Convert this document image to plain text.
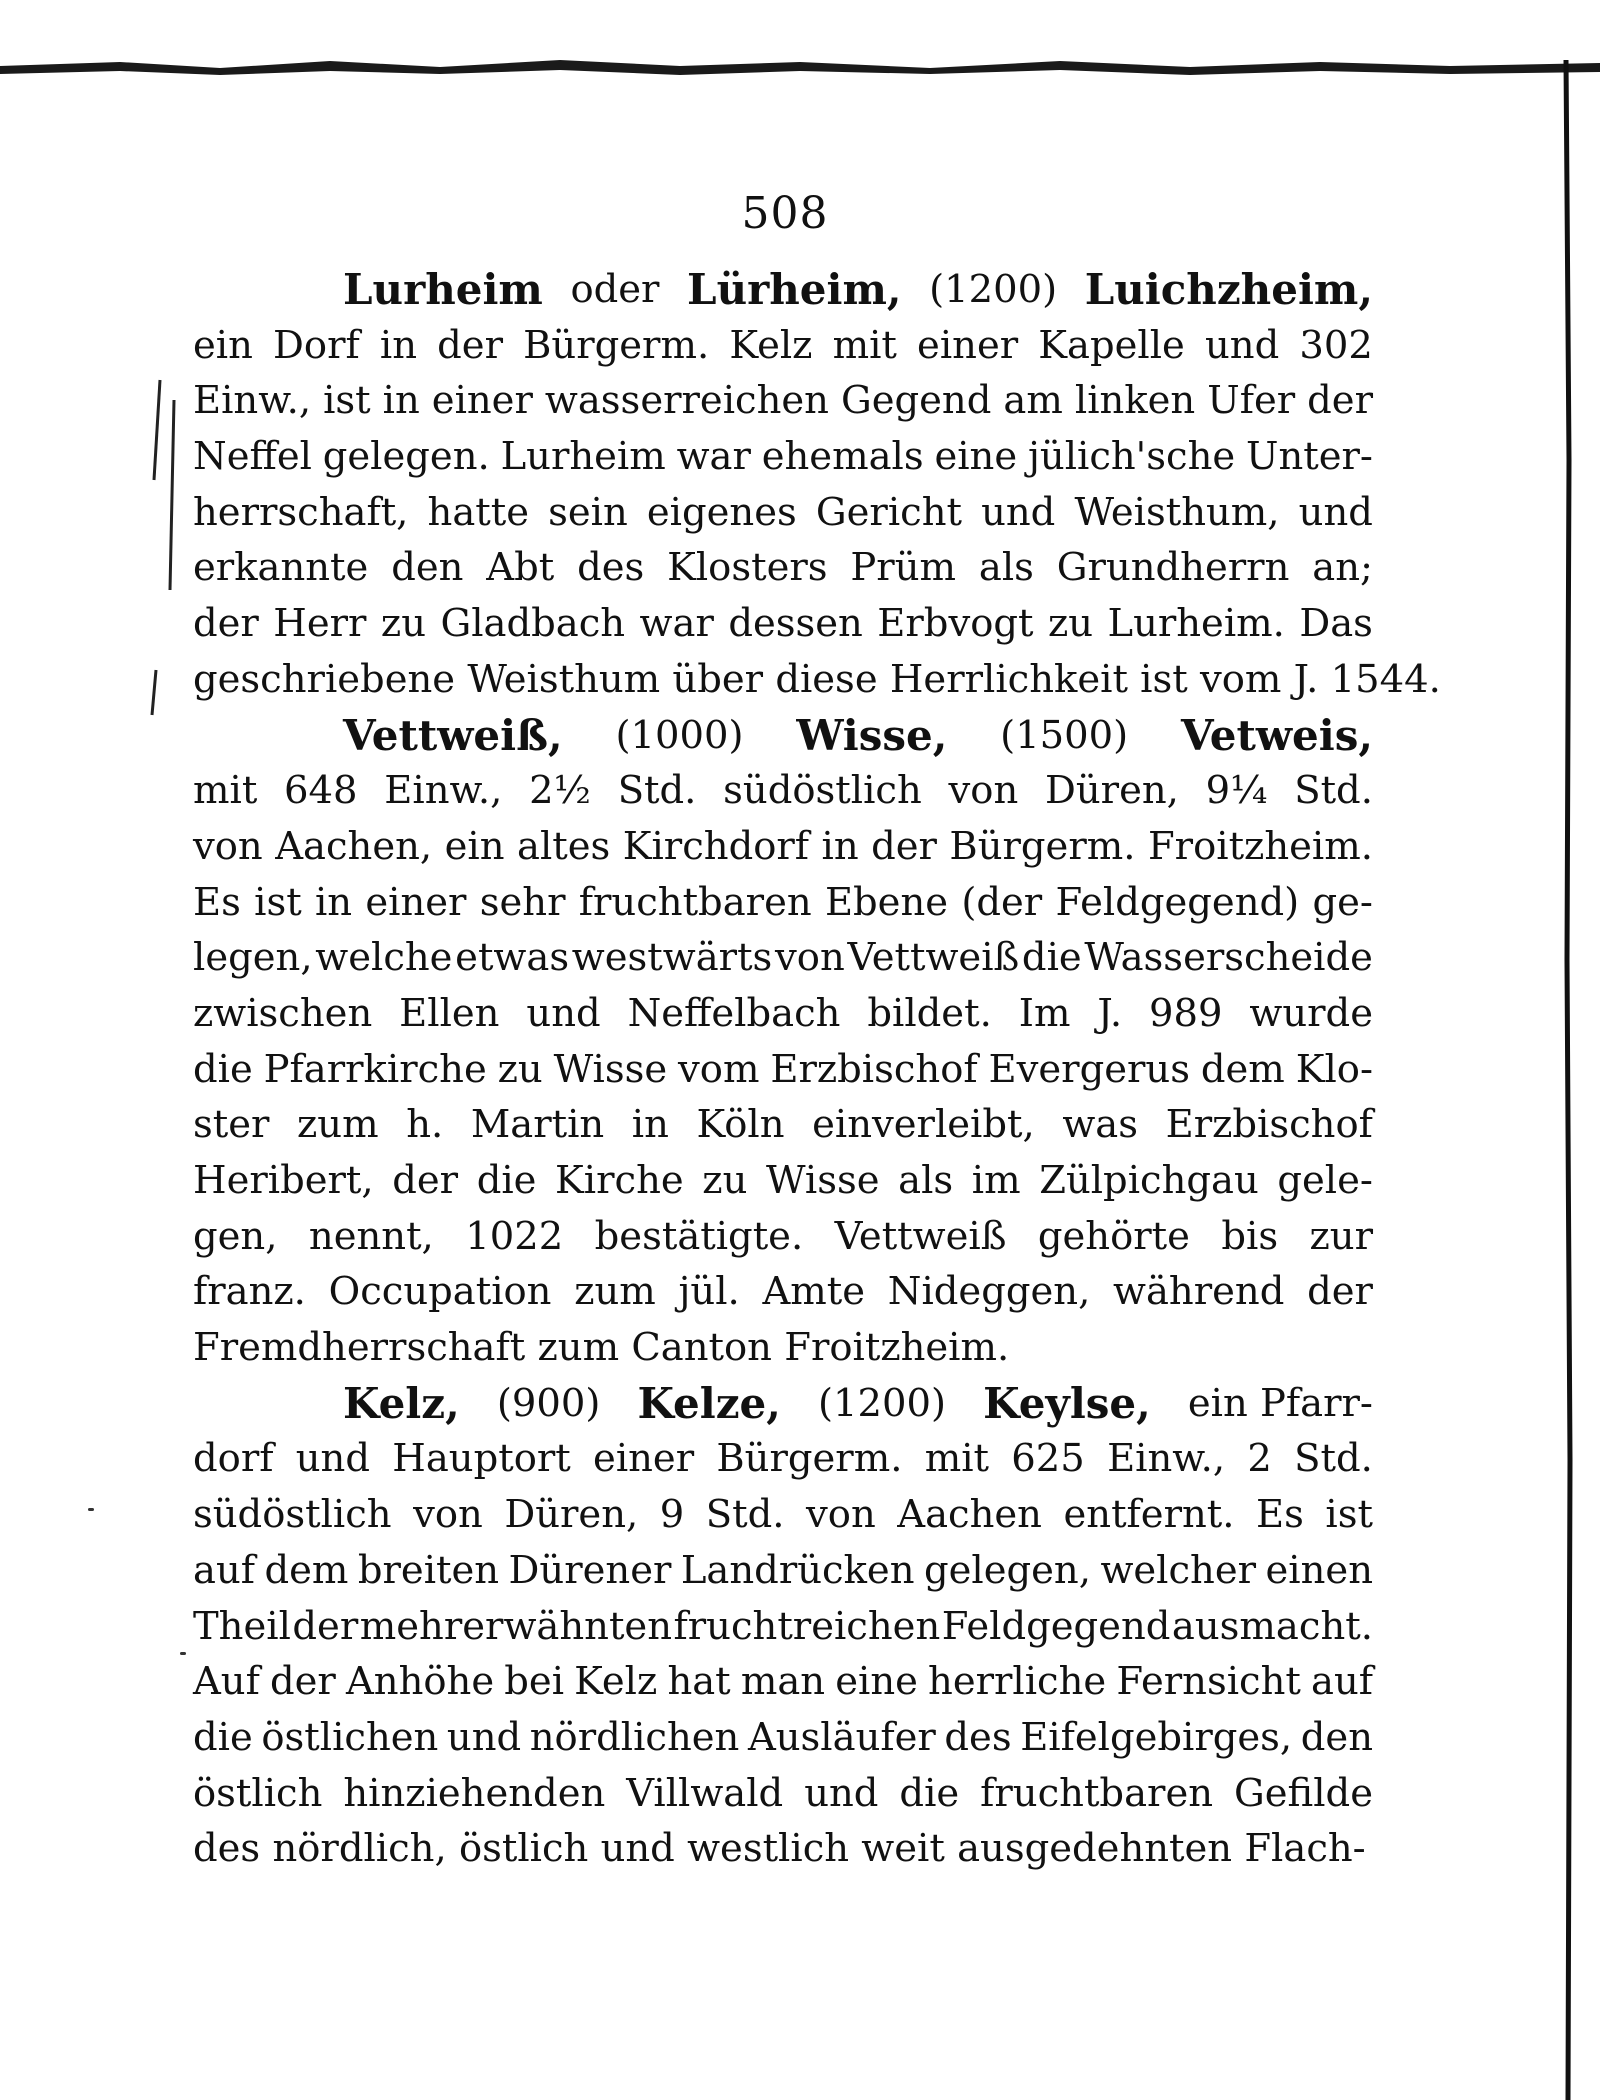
508
Lurheim oder Lürheim, (1200) Luichzheim,
ein Dorf in der Bürgerm. Kelz mit einer Kapelle und 302
Einw., ist in einer wasserreichen Gegend am linken Ufer der
Neffel gelegen. Lurheim war ehemals eine jülich'sche Unter-
herrschaft, hatte sein eigenes Gericht und Weisthum, und
erkannte den Abt des Klosters Prüm als Grundherrn an;
der Herr zu Gladbach war dessen Erbvogt zu Lurheim. Das
geschriebene
Weisthum
über
diese
Herrlichkeit
ist
vom
J.
1544.

Vettweiß, (1000) Wisse, (1500) Vetweis,
mit 648 Einw., 2½ Std. südöstlich von Düren, 9¼ Std.
von Aachen, ein altes Kirchdorf in der Bürgerm. Froitzheim.
Es ist in einer sehr fruchtbaren Ebene (der Feldgegend) ge-
legen, welche etwas westwärts von Vettweiß die Wasserscheide
zwischen Ellen und Neffelbach bildet. Im J. 989 wurde
die Pfarrkirche zu Wisse vom Erzbischof Evergerus dem Klo-
ster zum h. Martin in Köln einverleibt, was Erzbischof
Heribert, der die Kirche zu Wisse als im Zülpichgau gele-
gen, nennt, 1022 bestätigte. Vettweiß gehörte bis zur
franz. Occupation zum jül. Amte Nideggen, während der
Fremdherrschaft
zum
Canton
Froitzheim.

Kelz, (900) Kelze, (1200) Keylse, ein Pfarr-
dorf und Hauptort einer Bürgerm. mit 625 Einw., 2 Std.
südöstlich von Düren, 9 Std. von Aachen entfernt. Es ist
auf dem breiten Dürener Landrücken gelegen, welcher einen
Theil der mehrerwähnten fruchtreichen Feldgegend ausmacht.
Auf der Anhöhe bei Kelz hat man eine herrliche Fernsicht auf
die östlichen und nördlichen Ausläufer des Eifelgebirges, den
östlich hinziehenden Villwald und die fruchtbaren Gefilde
des
nördlich,
östlich
und
westlich
weit
ausgedehnten
Flach-
